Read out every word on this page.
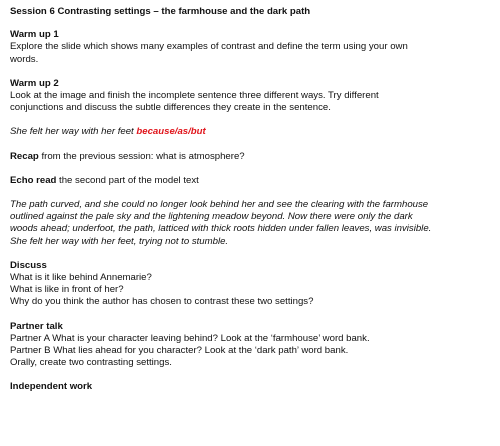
Session 6 Contrasting settings – the farmhouse and the dark path

Warm up 1

Explore the slide which shows many examples of contrast and define the term using your own

words.

Warm up 2

Look at the image and finish the incomplete sentence three different ways. Try different

conjunctions and discuss the subtle differences they create in the sentence.

She felt her way with her feet because/as/but

Recap from the previous session: what is atmosphere?

Echo read the second part of the model text

The path curved, and she could no longer look behind her and see the clearing with the farmhouse

outlined against the pale sky and the lightening meadow beyond. Now there were only the dark

woods ahead; underfoot, the path, latticed with thick roots hidden under fallen leaves, was invisible.

She felt her way with her feet, trying not to stumble.

Discuss

What is it like behind Annemarie?

What is like in front of her?

Why do you think the author has chosen to contrast these two settings?

Partner talk

Partner A What is your character leaving behind? Look at the ‘farmhouse’ word bank.

Partner B What lies ahead for you character? Look at the ‘dark path’ word bank.

Orally, create two contrasting settings.

Independent work
